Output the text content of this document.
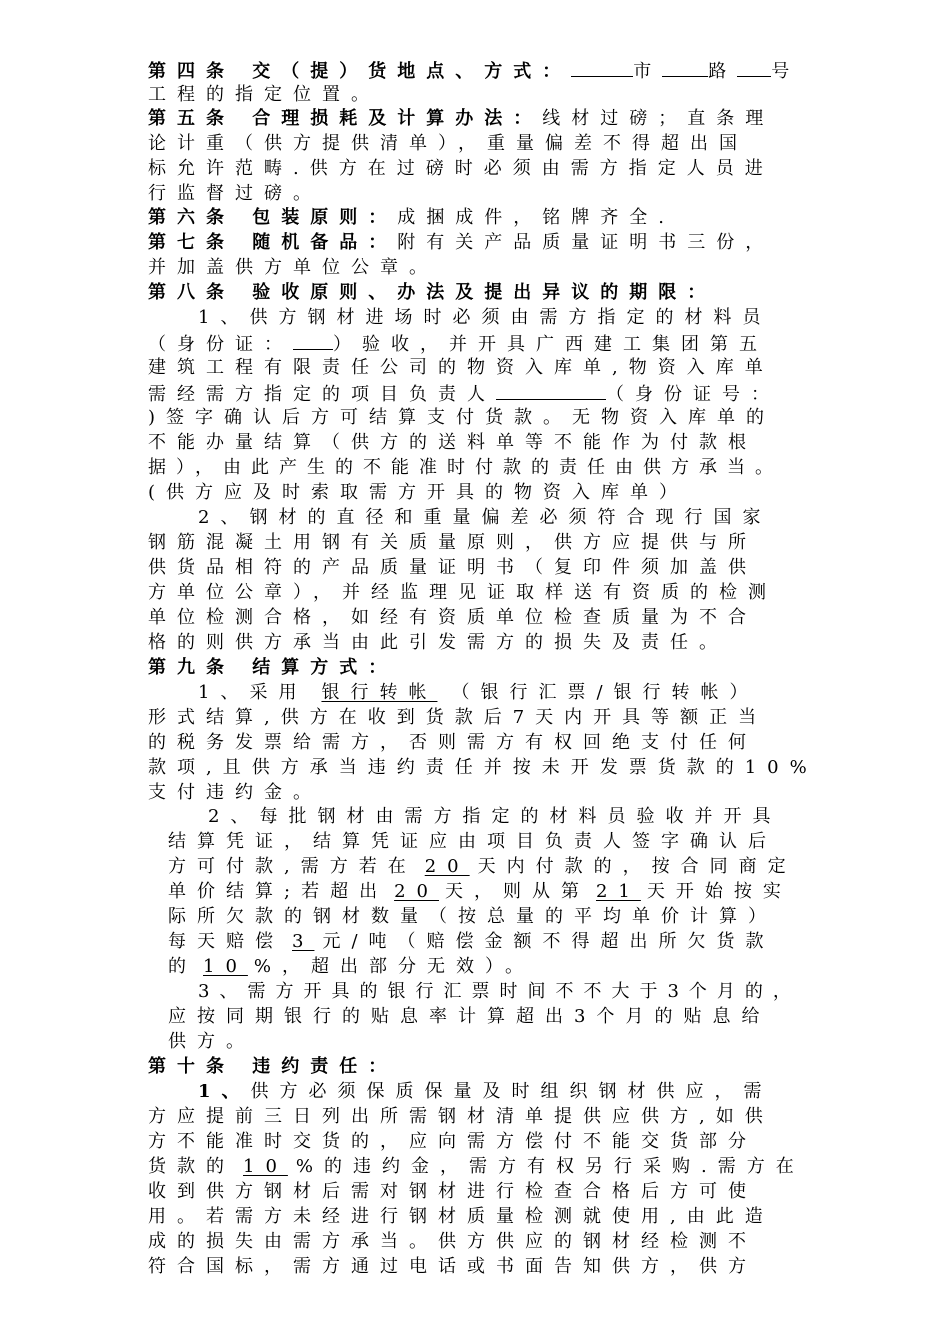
第四条 交（提）货地点、方式：	市	路 号
工程的指定位置。
第五条 合理损耗及计算办法：线材过磅；直条理
论计重（供方提供清单），重量偏差不得超出国
标允许范畴.供方在过磅时必须由需方指定人员进
行监督过磅。
第六条 包装原则：成捆成件，铭牌齐全.
第七条 随机备品：附有关产品质量证明书三份，
并加盖供方单位公章。
第八条 验收原则、办法及提出异议的期限：
1、供方钢材进场时必须由需方指定的材料员
（身份证： ）验收，并开具广西建工集团第五
建筑工程有限责任公司的物资入库单,物资入库单
需经需方指定的项目负责人	（身份证号：
)签字确认后方可结算支付货款。无物资入库单的
不能办量结算（供方的送料单等不能作为付款根
据），由此产生的不能准时付款的责任由供方承当。
(供方应及时索取需方开具的物资入库单）
2、钢材的直径和重量偏差必须符合现行国家
钢筋混凝土用钢有关质量原则，供方应提供与所
供货品相符的产品质量证明书（复印件须加盖供
方单位公章），并经监理见证取样送有资质的检测
单位检测合格，如经有资质单位检查质量为不合
格的则供方承当由此引发需方的损失及责任。
第九条 结算方式：
1、采用 银行转帐 （银行汇票/银行转帐）
形式结算,供方在收到货款后7天内开具等额正当
的税务发票给需方，否则需方有权回绝支付任何
款项,且供方承当违约责任并按未开发票货款的10%
支付违约金。
2、每批钢材由需方指定的材料员验收并开具
结算凭证，结算凭证应由项目负责人签字确认后
方可付款,需方若在 20 天内付款的，按合同商定
单价结算;若超出 20 天，则从第 21 天开始按实
际所欠款的钢材数量（按总量的平均单价计算）
每天赔偿 3 元/吨（赔偿金额不得超出所欠货款
的 10 %，超出部分无效）。
3、需方开具的银行汇票时间不不大于3个月的，
应按同期银行的贴息率计算超出3个月的贴息给
供方。
第十条 违约责任：
1、供方必须保质保量及时组织钢材供应，需
方应提前三日列出所需钢材清单提供应供方,如供
方不能准时交货的，应向需方偿付不能交货部分
货款的 10 %的违约金，需方有权另行采购.需方在
收到供方钢材后需对钢材进行检查合格后方可使
用。若需方未经进行钢材质量检测就使用,由此造
成的损失由需方承当。供方供应的钢材经检测不
符合国标，需方通过电话或书面告知供方，供方
